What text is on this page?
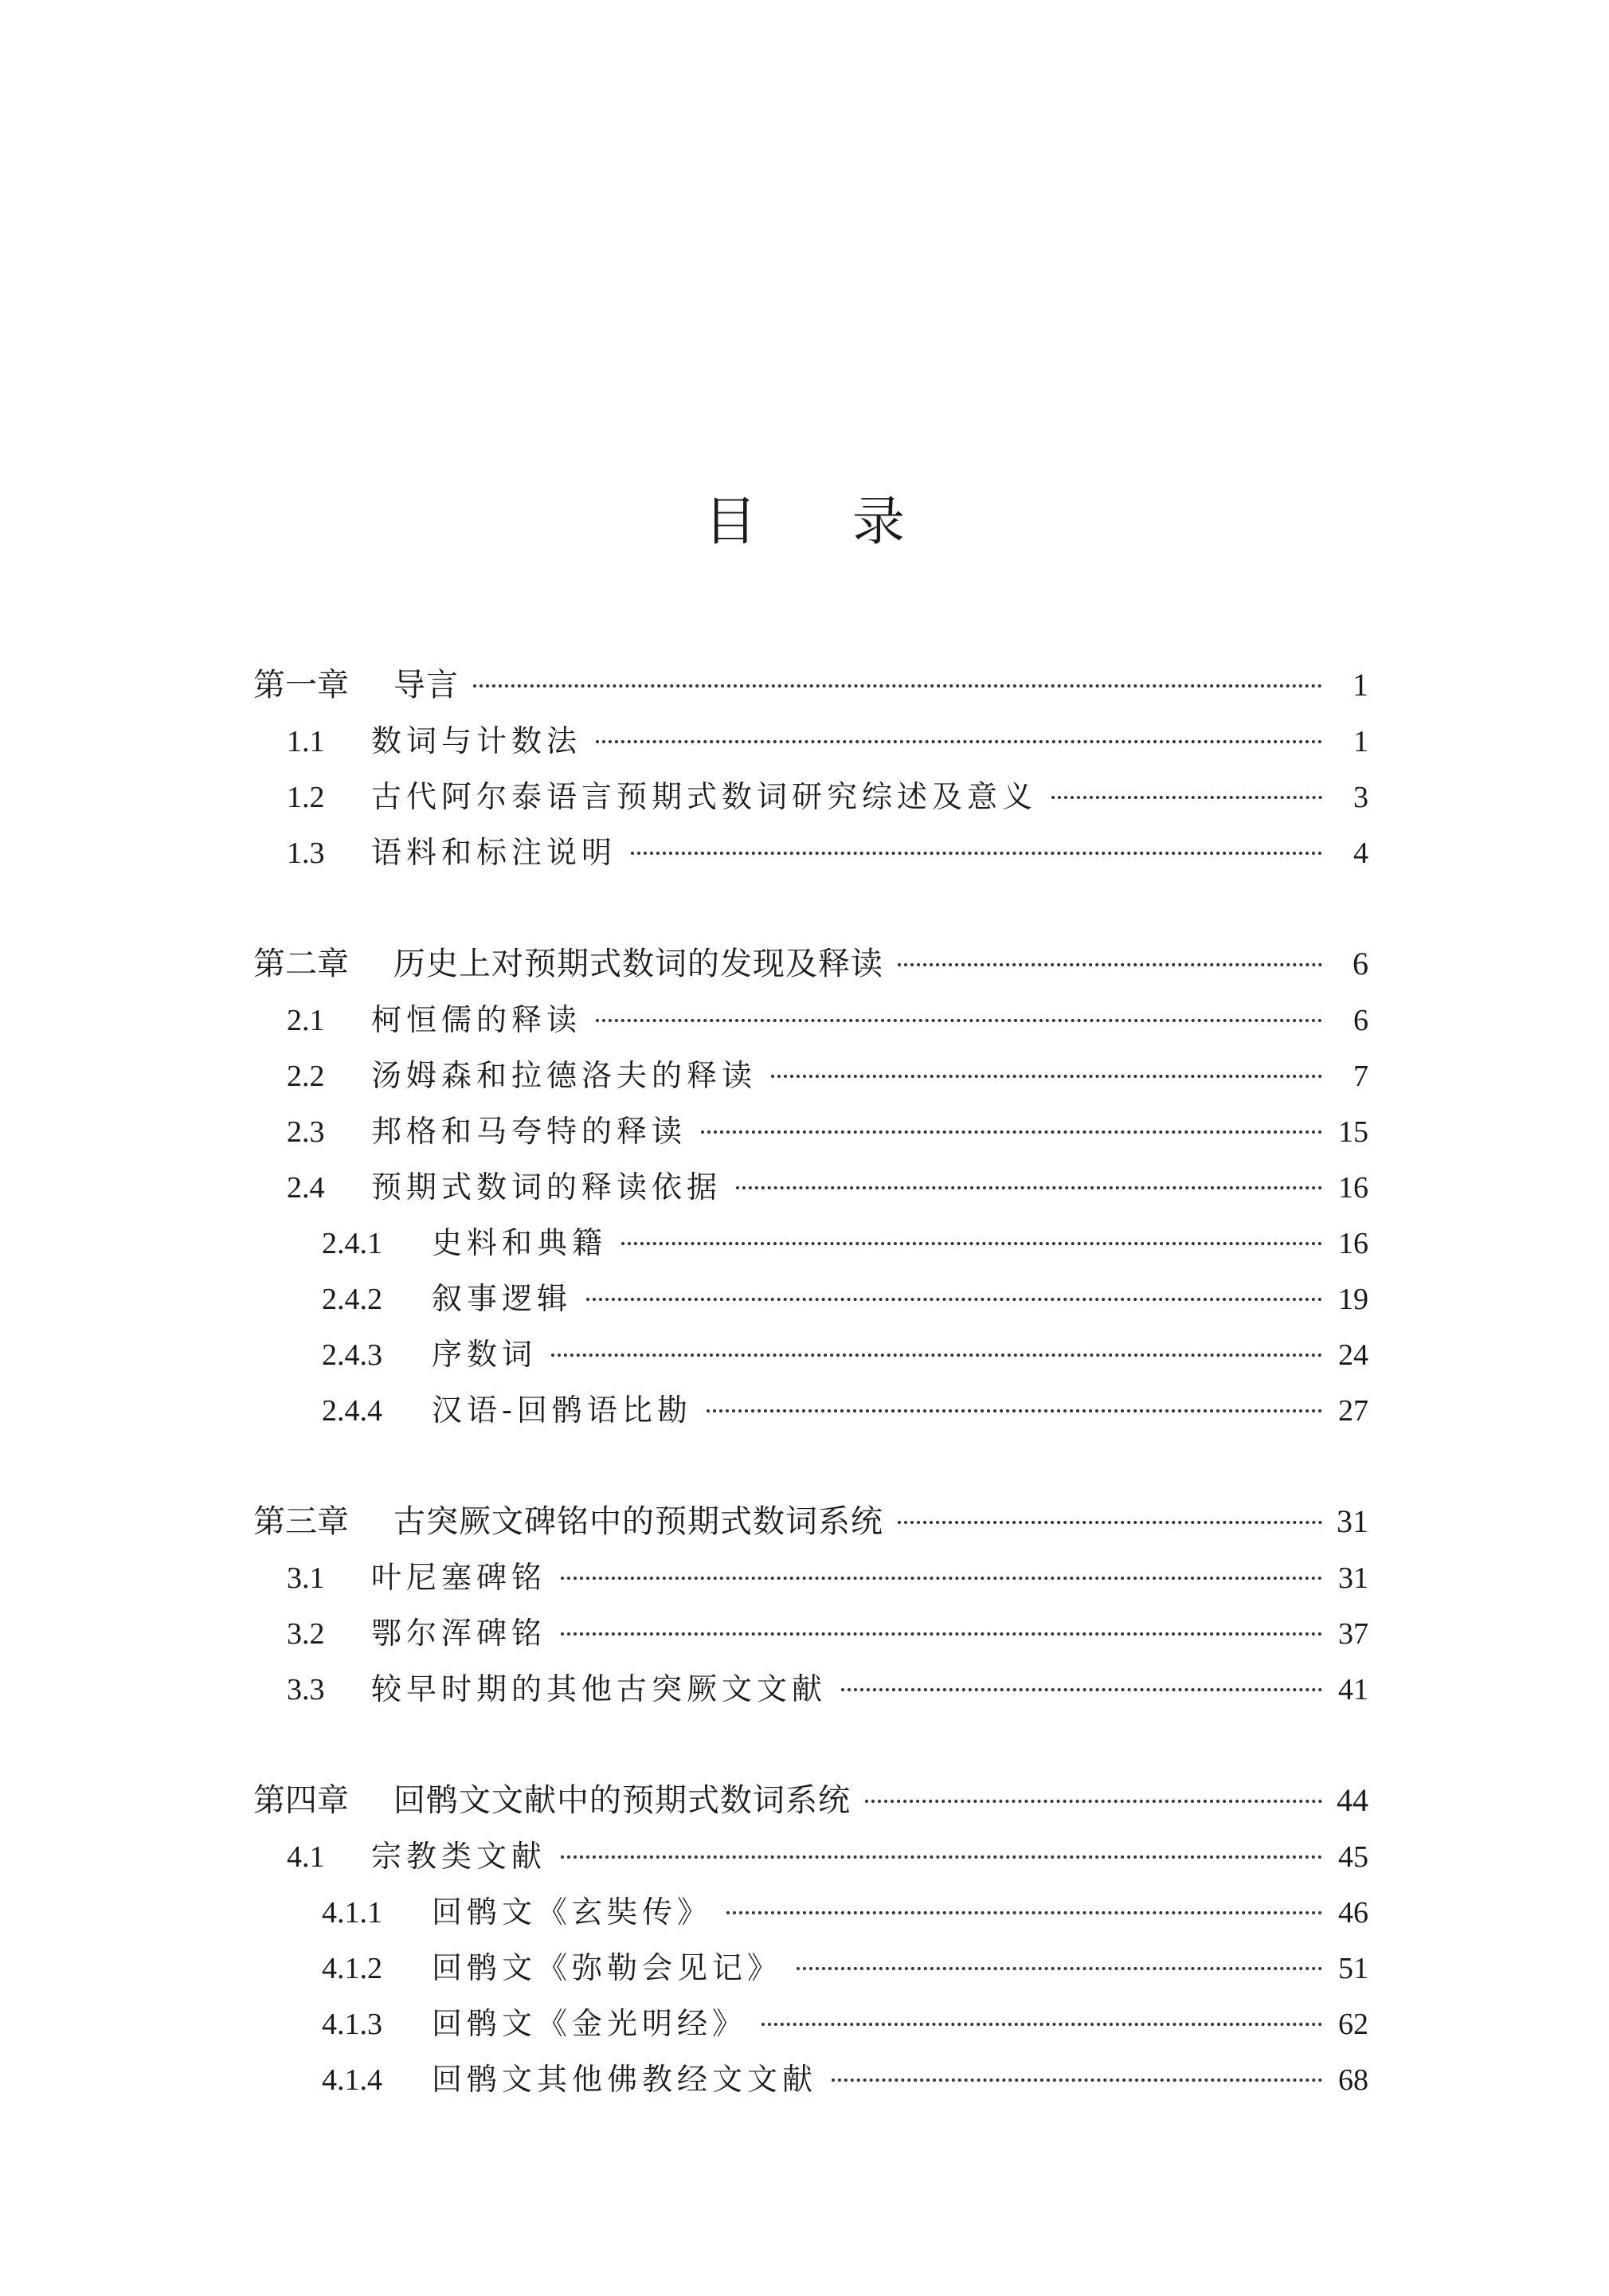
目 录
第一章	导言	1
1.1	数词与计数法	1
1.2	古代阿尔泰语言预期式数词研究综述及意义	3
1.3	语料和标注说明	4
第二章	历史上对预期式数词的发现及释读	6
2.1	柯恒儒的释读	6
2.2	汤姆森和拉德洛夫的释读	7
2.3	邦格和马夸特的释读	15
2.4	预期式数词的释读依据	16
2.4.1	史料和典籍	16
2.4.2	叙事逻辑	19
2.4.3	序数词	24
2.4.4	汉语-回鹘语比勘	27
第三章	古突厥文碑铭中的预期式数词系统	31
3.1	叶尼塞碑铭	31
3.2	鄂尔浑碑铭	37
3.3	较早时期的其他古突厥文文献	41
第四章	回鹘文文献中的预期式数词系统	44
4.1	宗教类文献	45
4.1.1	回鹘文《玄奘传》	46
4.1.2	回鹘文《弥勒会见记》	51
4.1.3	回鹘文《金光明经》	62
4.1.4	回鹘文其他佛教经文文献	68
